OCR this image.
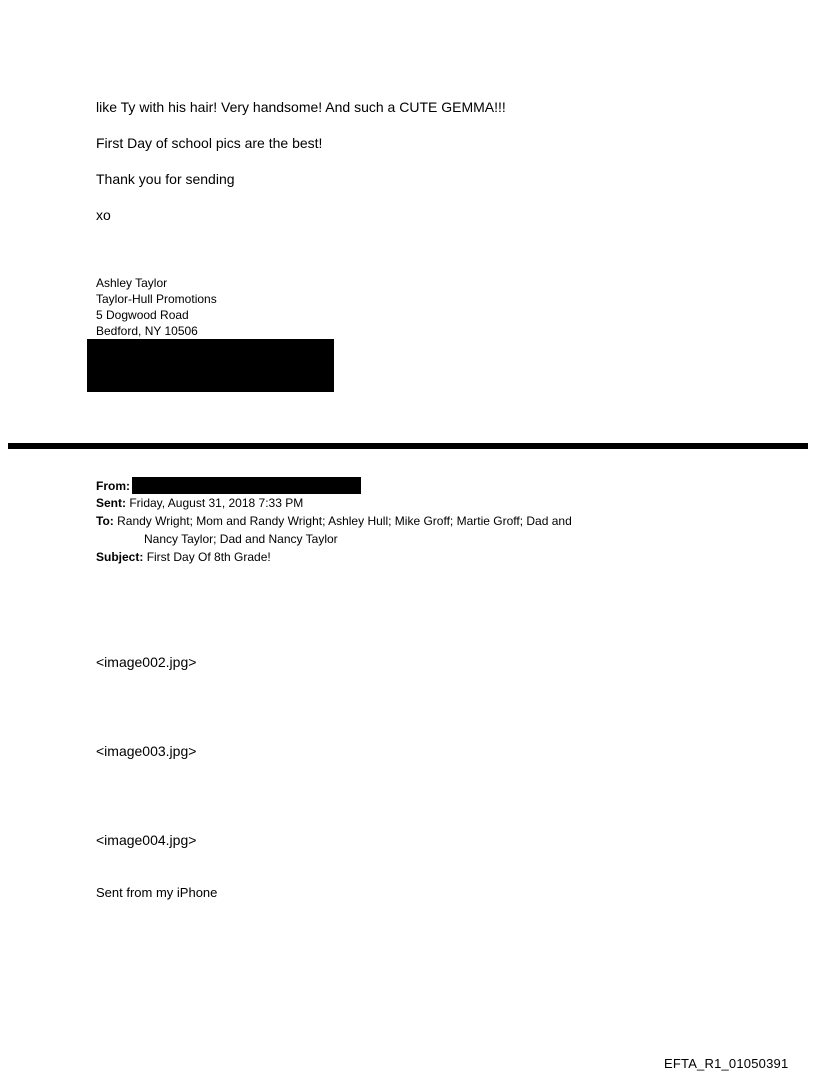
like Ty with his hair! Very handsome! And such a CUTE GEMMA!!!
First Day of school pics are the best!
Thank you for sending
xo
Ashley Taylor
Taylor-Hull Promotions
5 Dogwood Road
Bedford, NY 10506
From:
Sent: Friday, August 31, 2018 7:33 PM
To: Randy Wright; Mom and Randy Wright; Ashley Hull; Mike Groff; Martie Groff; Dad and
Nancy Taylor; Dad and Nancy Taylor
Subject: First Day Of 8th Grade!
<image002.jpg>
<image003.jpg>
<image004.jpg>
Sent from my iPhone
EFTA_R1_01050391
